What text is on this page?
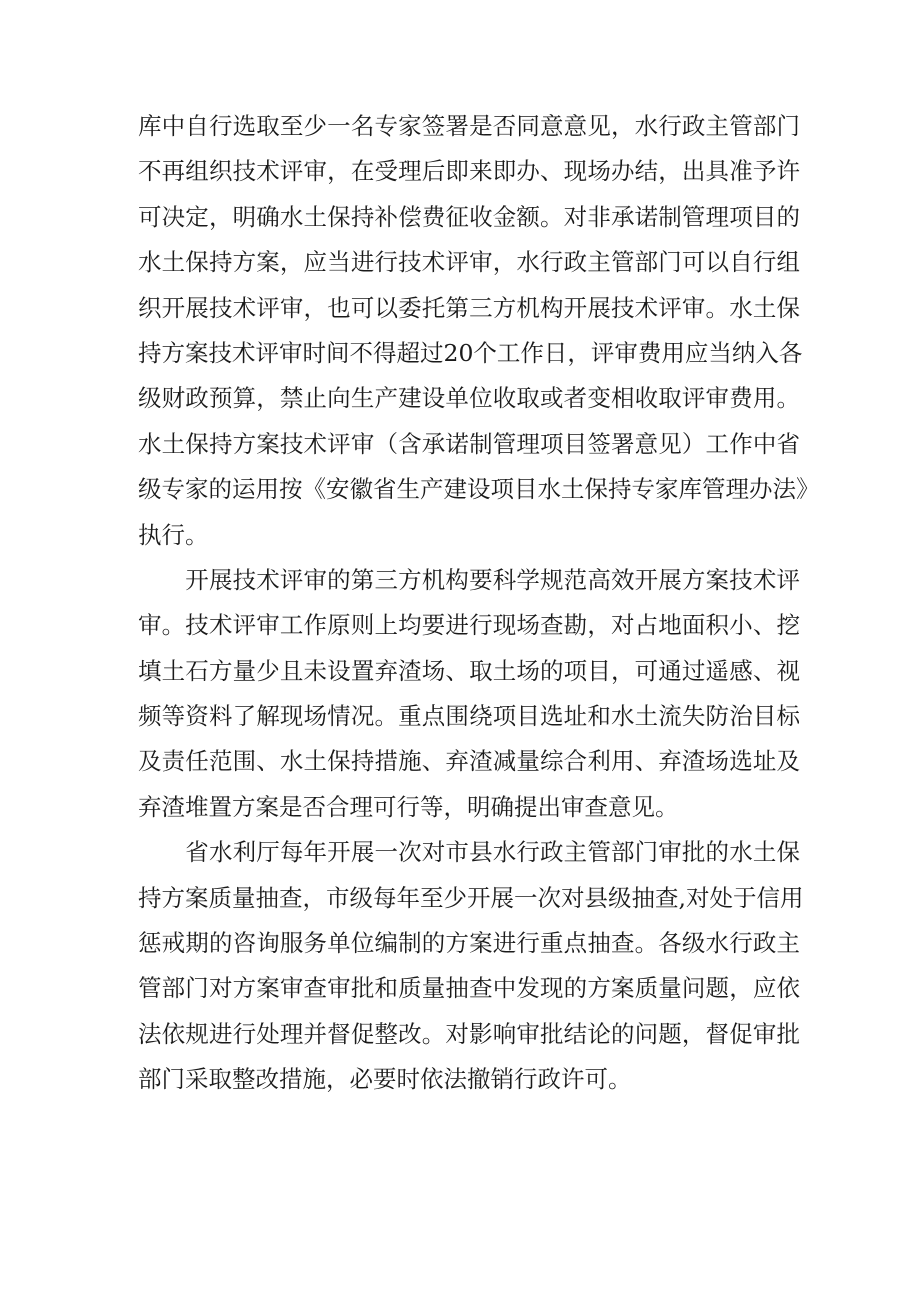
库中自行选取至少一名专家签署是否同意意见，水行政主管部门
不再组织技术评审，在受理后即来即办、现场办结，出具准予许
可决定，明确水土保持补偿费征收金额。对非承诺制管理项目的
水土保持方案，应当进行技术评审，水行政主管部门可以自行组
织开展技术评审，也可以委托第三方机构开展技术评审。水土保
持方案技术评审时间不得超过20个工作日，评审费用应当纳入各
级财政预算，禁止向生产建设单位收取或者变相收取评审费用。
水土保持方案技术评审（含承诺制管理项目签署意见）工作中省
级专家的运用按《安徽省生产建设项目水土保持专家库管理办法》
执行。
　　开展技术评审的第三方机构要科学规范高效开展方案技术评
审。技术评审工作原则上均要进行现场查勘，对占地面积小、挖
填土石方量少且未设置弃渣场、取土场的项目，可通过遥感、视
频等资料了解现场情况。重点围绕项目选址和水土流失防治目标
及责任范围、水土保持措施、弃渣减量综合利用、弃渣场选址及
弃渣堆置方案是否合理可行等，明确提出审查意见。
　　省水利厅每年开展一次对市县水行政主管部门审批的水土保
持方案质量抽查，市级每年至少开展一次对县级抽查,对处于信用
惩戒期的咨询服务单位编制的方案进行重点抽查。各级水行政主
管部门对方案审查审批和质量抽查中发现的方案质量问题，应依
法依规进行处理并督促整改。对影响审批结论的问题，督促审批
部门采取整改措施，必要时依法撤销行政许可。
